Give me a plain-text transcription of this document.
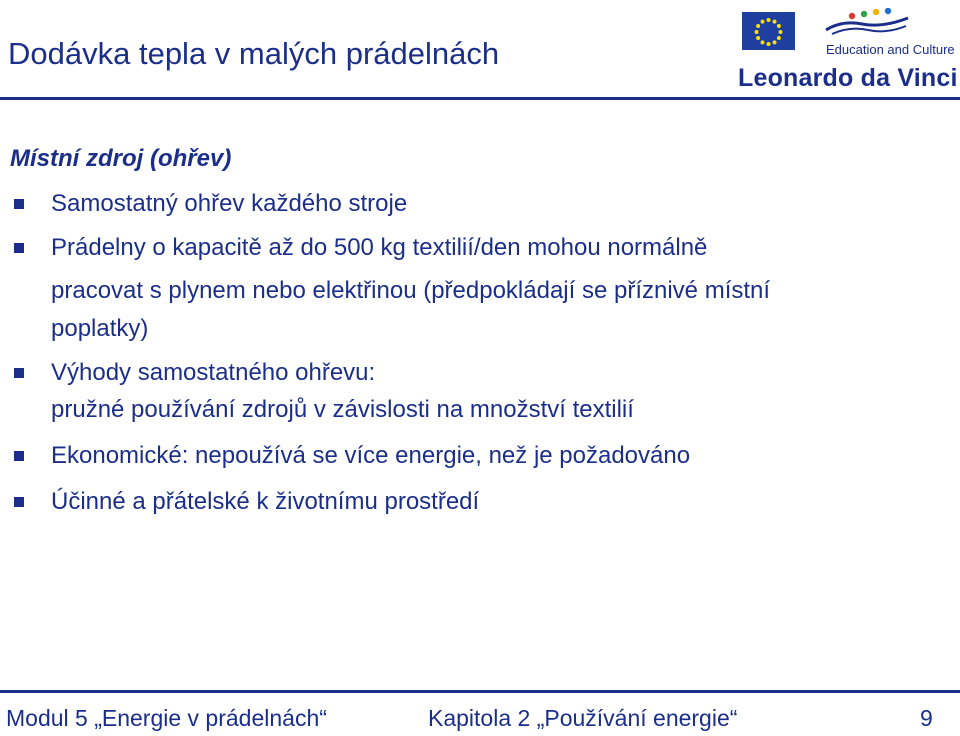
Dodávka tepla v malých prádelnách	Education and Culture
Leonardo da Vinci
Místní zdroj (ohřev)
Samostatný ohřev každého stroje
Prádelny o kapacitě až do 500 kg textilií/den mohou normálně
pracovat s plynem nebo elektřinou (předpokládají se příznivé místní
poplatky)
Výhody samostatného ohřevu:
pružné používání zdrojů v závislosti na množství textilií
Ekonomické: nepoužívá se více energie, než je požadováno
Účinné a přátelské k životnímu prostředí
Modul 5 „Energie v prádelnách“	Kapitola 2 „Používání energie“	9
